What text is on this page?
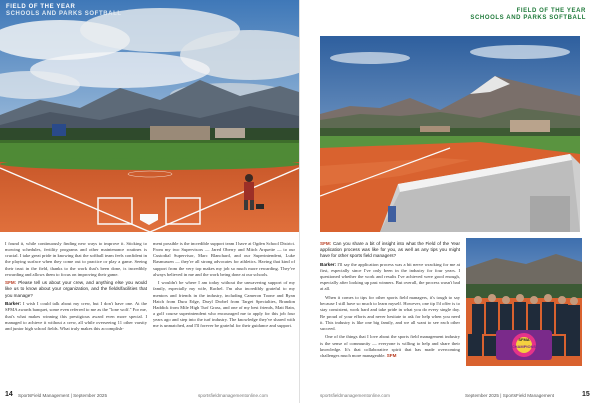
FIELD OF THE YEAR
SCHOOLS AND PARKS SOFTBALL

I found it, while continuously finding new ways to improve it. Sticking to mowing schedules, fertility programs and other maintenance routines is crucial. I take great pride in knowing that the softball team feels confident in the playing surface when they come out to practice or play a game. Seeing their trust in the field, thanks to the work that's been done, is incredibly rewarding and allows them to focus on improving their game.

SFM: Please tell us about your crew, and anything else you would like us to know about your organization, and the fields/facilities that you manage?

Barker: I wish I could talk about my crew, but I don't have one. At the SFMA awards banquet, some even referred to me as the "lone wolf." For me, that's what makes winning this prestigious award even more special. I managed to achieve it without a crew, all while overseeing 11 other varsity and junior high school fields. What truly makes this accomplish-

ment possible is the incredible support team I have at Ogden School District. From my two Supervisors — Jared Oberry and Mitch Arquette — to our Custodial Supervisor, Marc Blanchard, and our Superintendent, Luke Rasmussen — they're all strong advocates for athletics. Having that kind of support from the very top makes my job so much more rewarding. They've always believed in me and the work being done at our schools.

I wouldn't be where I am today without the unwavering support of my family, especially my wife, Rachel. I'm also incredibly grateful to my mentors and friends in the industry, including Cameron Toone and Ryan Hatch from Dura Edge, Daryl Drobel from Target Specialties, Brandon Haddick from Mile High Turf Grass, and one of my best friends, Matt Bain, a golf course superintendent who encouraged me to apply for this job four years ago and step into the turf industry. The knowledge they've shared with me is unmatched, and I'll forever be grateful for their guidance and support.

14 SportsField Management | September 2025	sportsfieldmanagementonline.com
FIELD OF THE YEAR
SCHOOLS AND PARKS SOFTBALL

SFM: Can you share a bit of insight into what the Field of the Year application process was like for you, as well as any tips you might have for other sports field managers?

Barker: I'll say the application process was a bit nerve wracking for me at first, especially since I've only been in the industry for four years. I questioned whether the work and results I've achieved were good enough, especially after looking up past winners. But overall, the process wasn't bad at all.

When it comes to tips for other sports field managers, it's tough to say because I still have so much to learn myself. However, one tip I'd offer is to stay consistent, work hard and take pride in what you do every single day. Be proud of your efforts and never hesitate to ask for help when you need it. This industry is like one big family, and we all want to see each other succeed.

One of the things that I love about the sports field management industry is the sense of community — everyone is willing to help and share their knowledge. It's that collaborative spirit that has made overcoming challenges much more manageable. SFM

SFMA
CHAMPIONS
sportsfieldmanagementonline.com	September 2025 | SportsField Management	15
